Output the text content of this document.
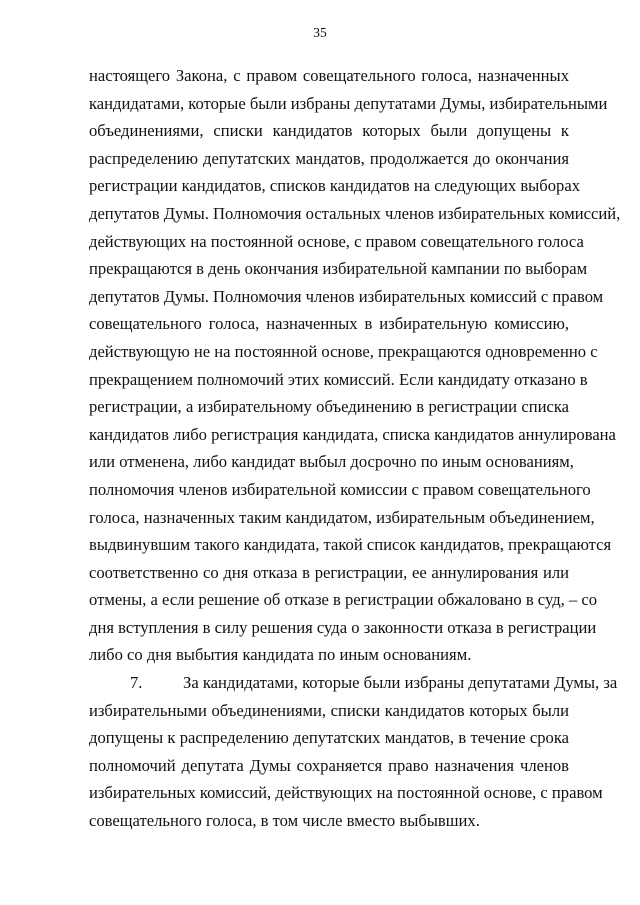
35

настоящего Закона, с правом совещательного голоса, назначенных
кандидатами, которые были избраны депутатами Думы, избирательными
объединениями, списки кандидатов которых были допущены к
распределению депутатских мандатов, продолжается до окончания
регистрации кандидатов, списков кандидатов на следующих выборах
депутатов Думы. Полномочия остальных членов избирательных комиссий,
действующих на постоянной основе, с правом совещательного голоса
прекращаются в день окончания избирательной кампании по выборам
депутатов Думы. Полномочия членов избирательных комиссий с правом
совещательного голоса, назначенных в избирательную комиссию,
действующую не на постоянной основе, прекращаются одновременно с
прекращением полномочий этих комиссий. Если кандидату отказано в
регистрации, а избирательному объединению в регистрации списка
кандидатов либо регистрация кандидата, списка кандидатов аннулирована
или отменена, либо кандидат выбыл досрочно по иным основаниям,
полномочия членов избирательной комиссии с правом совещательного
голоса, назначенных таким кандидатом, избирательным объединением,
выдвинувшим такого кандидата, такой список кандидатов, прекращаются
соответственно со дня отказа в регистрации, ее аннулирования или
отмены, а если решение об отказе в регистрации обжаловано в суд, – со
дня вступления в силу решения суда о законности отказа в регистрации
либо со дня выбытия кандидата по иным основаниям.

7. За кандидатами, которые были избраны депутатами Думы, за
избирательными объединениями, списки кандидатов которых были
допущены к распределению депутатских мандатов, в течение срока
полномочий депутата Думы сохраняется право назначения членов
избирательных комиссий, действующих на постоянной основе, с правом
совещательного голоса, в том числе вместо выбывших.
